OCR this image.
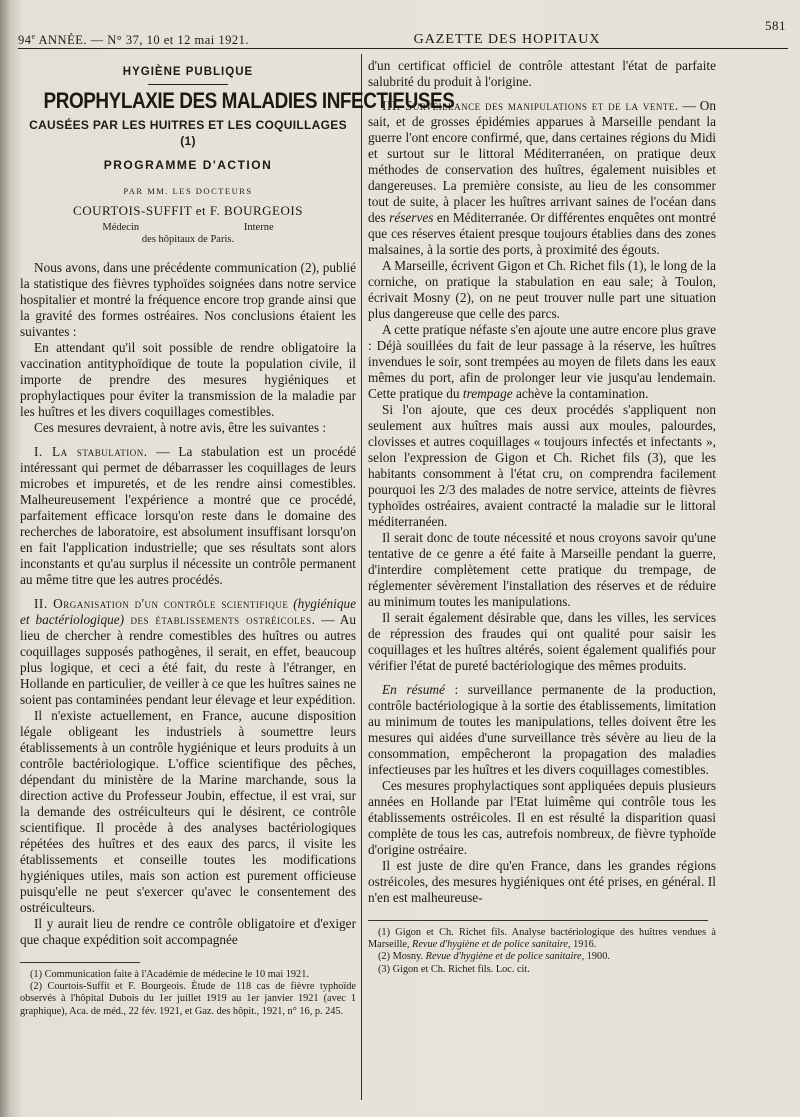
94e ANNÉE. — N° 37, 10 et 12 mai 1921.	GAZETTE DES HOPITAUX
581
HYGIÈNE PUBLIQUE
PROPHYLAXIE DES MALADIES INFECTIEUSES
CAUSÉES PAR LES HUITRES ET LES COQUILLAGES (1)
PROGRAMME D'ACTION
PAR MM. LES DOCTEURS
COURTOIS-SUFFIT et F. BOURGEOIS
Médecin	Interne
des hôpitaux de Paris.

Nous avons, dans une précédente communication (2), publié la statistique des fièvres typhoïdes soignées dans notre service hospitalier et montré la fréquence encore trop grande ainsi que la gravité des formes ostréaires. Nos conclusions étaient les suivantes :

En attendant qu'il soit possible de rendre obligatoire la vaccination antityphoïdique de toute la population civile, il importe de prendre des mesures hygiéniques et prophylactiques pour éviter la transmission de la maladie par les huîtres et les divers coquillages comestibles.

Ces mesures devraient, à notre avis, être les suivantes :

I. La stabulation. — La stabulation est un procédé intéressant qui permet de débarrasser les coquillages de leurs microbes et impuretés, et de les rendre ainsi comestibles. Malheureusement l'expérience a montré que ce procédé, parfaitement efficace lorsqu'on reste dans le domaine des recherches de laboratoire, est absolument insuffisant lorsqu'on en fait l'application industrielle; que ses résultats sont alors inconstants et qu'au surplus il nécessite un contrôle permanent au même titre que les autres procédés.

II. Organisation d'un contrôle scientifique (hygiénique et bactériologique) des établissements ostréicoles. — Au lieu de chercher à rendre comestibles des huîtres ou autres coquillages supposés pathogènes, il serait, en effet, beaucoup plus logique, et ceci a été fait, du reste à l'étranger, en Hollande en particulier, de veiller à ce que les huîtres saines ne soient pas contaminées pendant leur élevage et leur expédition.

Il n'existe actuellement, en France, aucune disposition légale obligeant les industriels à soumettre leurs établissements à un contrôle hygiénique et leurs produits à un contrôle bactériologique. L'office scientifique des pêches, dépendant du ministère de la Marine marchande, sous la direction active du Professeur Joubin, effectue, il est vrai, sur la demande des ostréiculteurs qui le désirent, ce contrôle scientifique. Il procède à des analyses bactériologiques répétées des huîtres et des eaux des parcs, il visite les établissements et conseille toutes les modifications hygiéniques utiles, mais son action est purement officieuse puisqu'elle ne peut s'exercer qu'avec le consentement des ostréiculteurs.

Il y aurait lieu de rendre ce contrôle obligatoire et d'exiger que chaque expédition soit accompagnée

(1) Communication faite à l'Académie de médecine le 10 mai 1921.

(2) Courtois-Suffit et F. Bourgeois. Étude de 118 cas de fièvre typhoïde observés à l'hôpital Dubois du 1er juillet 1919 au 1er janvier 1921 (avec 1 graphique), Aca. de méd., 22 fév. 1921, et Gaz. des hôpit., 1921, n° 16, p. 245.

d'un certificat officiel de contrôle attestant l'état de parfaite salubrité du produit à l'origine.

III. Surveillance des manipulations et de la vente. — On sait, et de grosses épidémies apparues à Marseille pendant la guerre l'ont encore confirmé, que, dans certaines régions du Midi et surtout sur le littoral Méditerranéen, on pratique deux méthodes de conservation des huîtres, également nuisibles et dangereuses. La première consiste, au lieu de les consommer tout de suite, à placer les huîtres arrivant saines de l'océan dans des réserves en Méditerranée. Or différentes enquêtes ont montré que ces réserves étaient presque toujours établies dans des zones malsaines, à la sortie des ports, à proximité des égouts.

A Marseille, écrivent Gigon et Ch. Richet fils (1), le long de la corniche, on pratique la stabulation en eau sale; à Toulon, écrivait Mosny (2), on ne peut trouver nulle part une situation plus dangereuse que celle des parcs.

A cette pratique néfaste s'en ajoute une autre encore plus grave : Déjà souillées du fait de leur passage à la réserve, les huîtres invendues le soir, sont trempées au moyen de filets dans les eaux mêmes du port, afin de prolonger leur vie jusqu'au lendemain. Cette pratique du trempage achève la contamination.

Si l'on ajoute, que ces deux procédés s'appliquent non seulement aux huîtres mais aussi aux moules, palourdes, clovisses et autres coquillages « toujours infectés et infectants », selon l'expression de Gigon et Ch. Richet fils (3), que les habitants consomment à l'état cru, on comprendra facilement pourquoi les 2/3 des malades de notre service, atteints de fièvres typhoïdes ostréaires, avaient contracté la maladie sur le littoral méditerranéen.

Il serait donc de toute nécessité et nous croyons savoir qu'une tentative de ce genre a été faite à Marseille pendant la guerre, d'interdire complètement cette pratique du trempage, de réglementer sévèrement l'installation des réserves et de réduire au minimum toutes les manipulations.

Il serait également désirable que, dans les villes, les services de répression des fraudes qui ont qualité pour saisir les coquillages et les huîtres altérés, soient également qualifiés pour vérifier l'état de pureté bactériologique des mêmes produits.

En résumé : surveillance permanente de la production, contrôle bactériologique à la sortie des établissements, limitation au minimum de toutes les manipulations, telles doivent être les mesures qui aidées d'une surveillance très sévère au lieu de la consommation, empêcheront la propagation des maladies infectieuses par les huîtres et les divers coquillages comestibles.

Ces mesures prophylactiques sont appliquées depuis plusieurs années en Hollande par l'Etat luimême qui contrôle tous les établissements ostréicoles. Il en est résulté la disparition quasi complète de tous les cas, autrefois nombreux, de fièvre typhoïde d'origine ostréaire.

Il est juste de dire qu'en France, dans les grandes régions ostréicoles, des mesures hygiéniques ont été prises, en général. Il n'en est malheureuse-

(1) Gigon et Ch. Richet fils. Analyse bactériologique des huîtres vendues à Marseille, Revue d'hygiène et de police sanitaire, 1916.

(2) Mosny. Revue d'hygiène et de police sanitaire, 1900.

(3) Gigon et Ch. Richet fils. Loc. cit.
